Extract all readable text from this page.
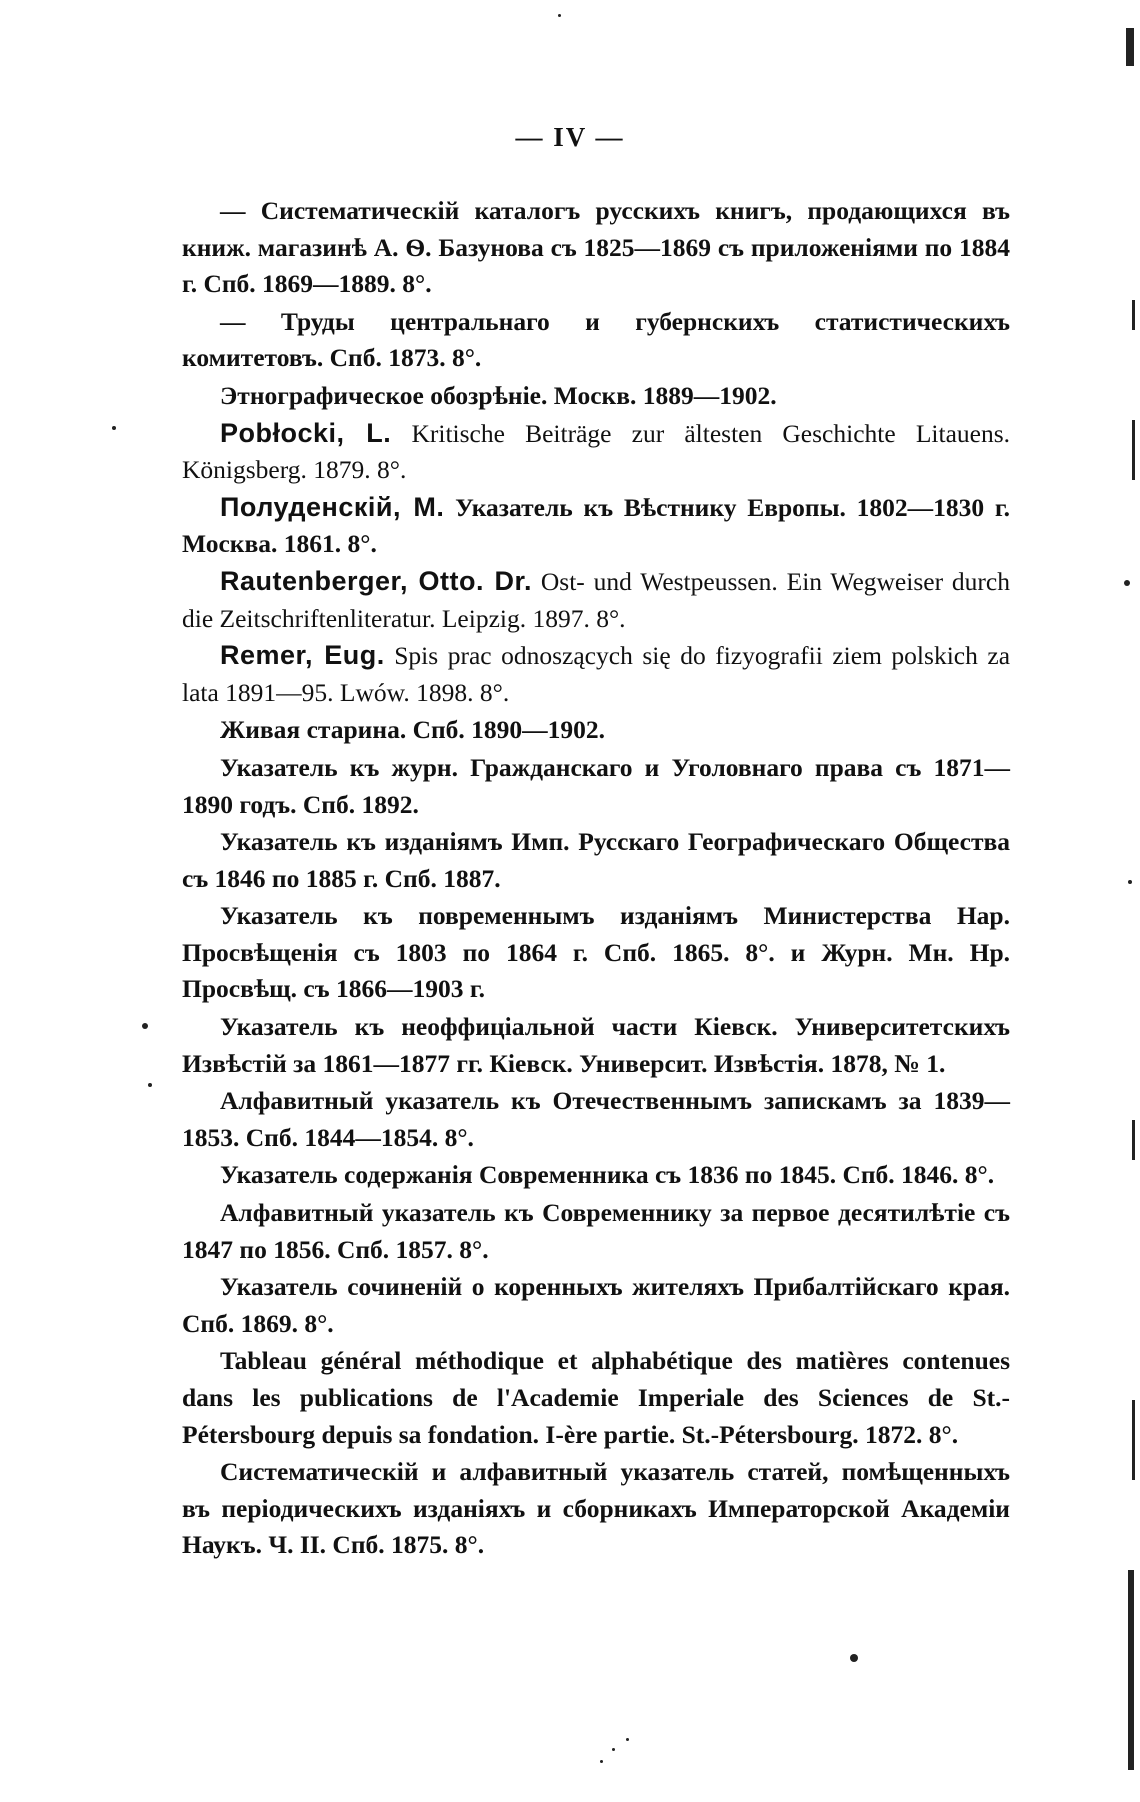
— IV —

— Систематическій каталогъ русскихъ книгъ, продающихся въ книж. магазинѣ А. Ѳ. Базунова съ 1825—1869 съ приложеніями по 1884 г. Спб. 1869—1889. 8°.

— Труды центральнаго и губернскихъ статистическихъ комитетовъ. Спб. 1873. 8°.

Этнографическое обозрѣніе. Москв. 1889—1902.

Pobłocki, L. Kritische Beiträge zur ältesten Geschichte Litauens. Königsberg. 1879. 8°.

Полуденскій, М. Указатель къ Вѣстнику Европы. 1802—1830 г. Москва. 1861. 8°.

Rautenberger, Otto. Dr. Ost- und Westpeussen. Ein Wegweiser durch die Zeitschriftenliteratur. Leipzig. 1897. 8°.

Remer, Eug. Spis prac odnoszących się do fizyografii ziem polskich za lata 1891—95. Lwów. 1898. 8°.

Живая старина. Спб. 1890—1902.

Указатель къ журн. Гражданскаго и Уголовнаго права съ 1871—1890 годъ. Спб. 1892.

Указатель къ изданіямъ Имп. Русскаго Географическаго Общества съ 1846 по 1885 г. Спб. 1887.

Указатель къ повременнымъ изданіямъ Министерства Нар. Просвѣщенія съ 1803 по 1864 г. Спб. 1865. 8°. и Журн. Мн. Нр. Просвѣщ. съ 1866—1903 г.

Указатель къ неоффиціальной части Кіевск. Университетскихъ Извѣстій за 1861—1877 гг. Кіевск. Университ. Извѣстія. 1878, № 1.

Алфавитный указатель къ Отечественнымъ запискамъ за 1839—1853. Спб. 1844—1854. 8°.

Указатель содержанія Современника съ 1836 по 1845. Спб. 1846. 8°.

Алфавитный указатель къ Современнику за первое десятилѣтіе съ 1847 по 1856. Спб. 1857. 8°.

Указатель сочиненій о коренныхъ жителяхъ Прибалтійскаго края. Спб. 1869. 8°.

Tableau général méthodique et alphabétique des matières contenues dans les publications de l'Academie Imperiale des Sciences de St.-Pétersbourg depuis sa fondation. I-ère partie. St.-Pétersbourg. 1872. 8°.

Систематическій и алфавитный указатель статей, помѣщенныхъ въ періодическихъ изданіяхъ и сборникахъ Императорской Академіи Наукъ. Ч. II. Спб. 1875. 8°.
